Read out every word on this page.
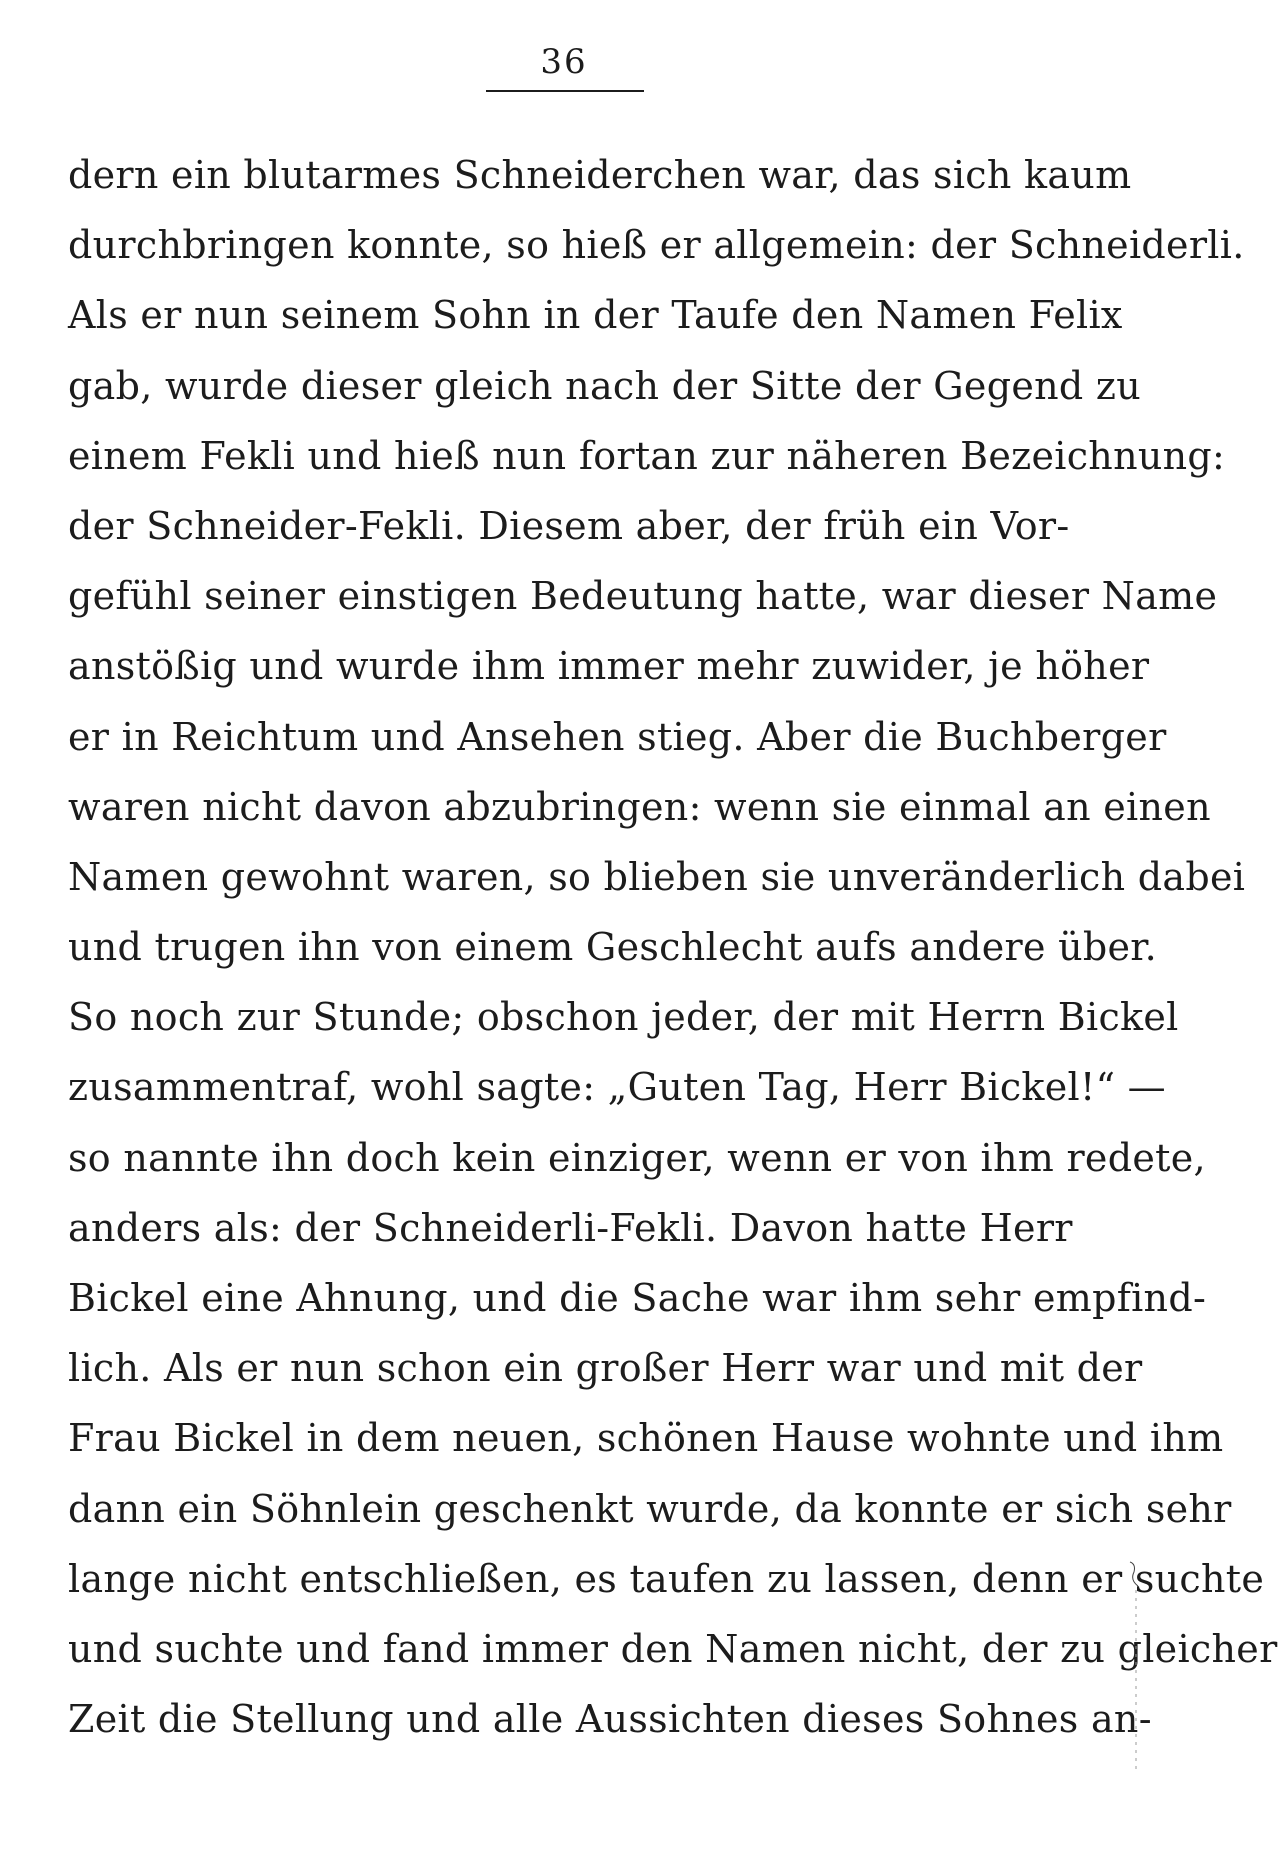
36
dern ein blutarmes Schneiderchen war, das sich kaum
durchbringen konnte, so hieß er allgemein: der Schneiderli.
Als er nun seinem Sohn in der Taufe den Namen Felix
gab, wurde dieser gleich nach der Sitte der Gegend zu
einem Fekli und hieß nun fortan zur näheren Bezeichnung:
der Schneider-Fekli. Diesem aber, der früh ein Vor-
gefühl seiner einstigen Bedeutung hatte, war dieser Name
anstößig und wurde ihm immer mehr zuwider, je höher
er in Reichtum und Ansehen stieg. Aber die Buchberger
waren nicht davon abzubringen: wenn sie einmal an einen
Namen gewohnt waren, so blieben sie unveränderlich dabei
und trugen ihn von einem Geschlecht aufs andere über.
So noch zur Stunde; obschon jeder, der mit Herrn Bickel
zusammentraf, wohl sagte: „Guten Tag, Herr Bickel!“ —
so nannte ihn doch kein einziger, wenn er von ihm redete,
anders als: der Schneiderli-Fekli. Davon hatte Herr
Bickel eine Ahnung, und die Sache war ihm sehr empfind-
lich. Als er nun schon ein großer Herr war und mit der
Frau Bickel in dem neuen, schönen Hause wohnte und ihm
dann ein Söhnlein geschenkt wurde, da konnte er sich sehr
lange nicht entschließen, es taufen zu lassen, denn er suchte
und suchte und fand immer den Namen nicht, der zu gleicher
Zeit die Stellung und alle Aussichten dieses Sohnes an-
